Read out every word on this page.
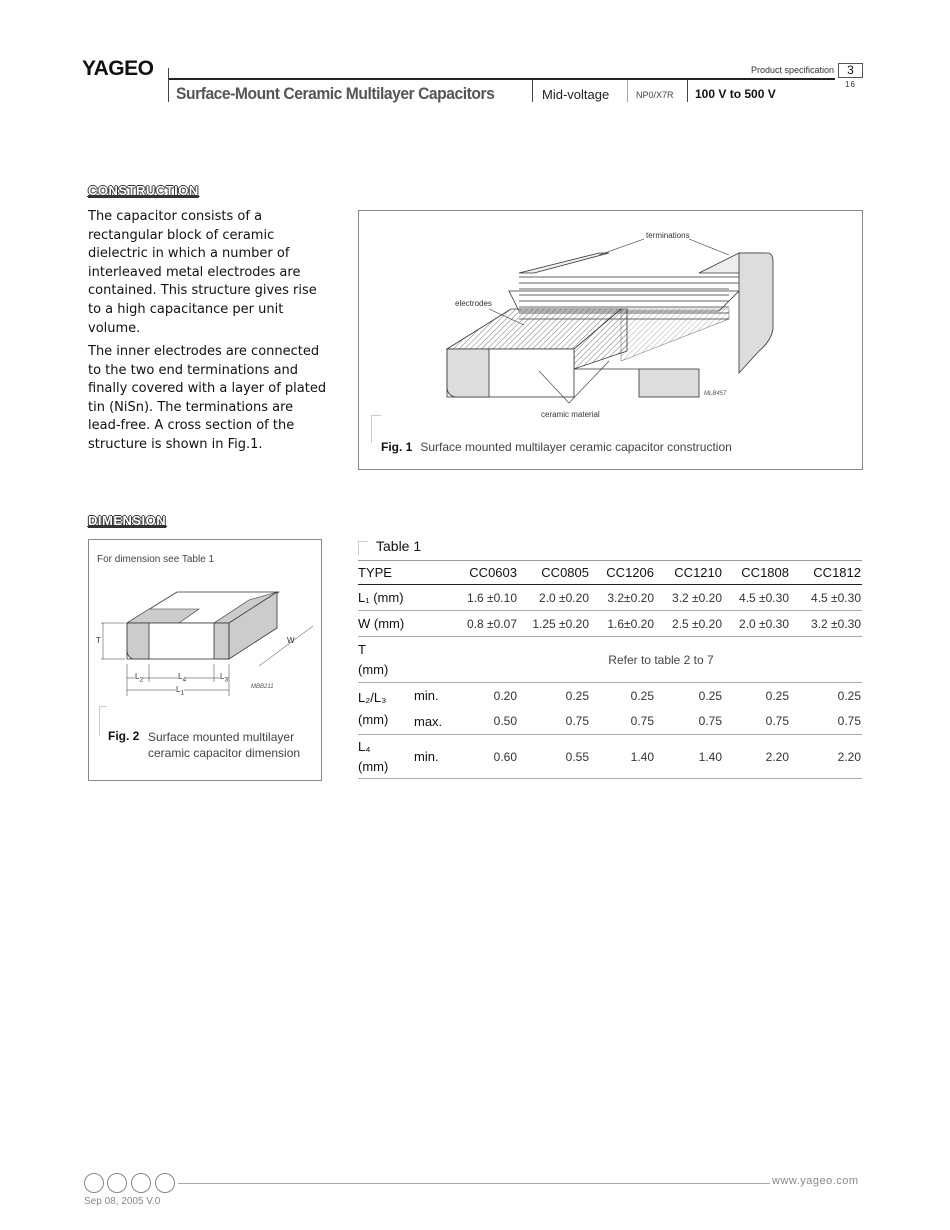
YAGEO	Product specification	3
16
Surface-Mount Ceramic Multilayer Capacitors	Mid-voltage	NP0/X7R 100 V to 500 V
CONSTRUCTION
The capacitor consists of a rectangular block of ceramic dielectric in which a number of interleaved metal electrodes are contained. This structure gives rise to a high capacitance per unit volume.
The inner electrodes are connected to the two end terminations and finally covered with a layer of plated tin (NiSn). The terminations are lead-free. A cross section of the structure is shown in Fig.1.
terminations
electrodes
ceramic material
MLB457
Fig. 1 Surface mounted multilayer ceramic capacitor construction
DIMENSION
For dimension see Table 1
T	W
$L_2$	$L_4$	$L_3$
$L_1$
MBB211
Fig. 2 Surface mounted multilayer ceramic capacitor dimension
Table 1
TYPE		CC0603	CC0805	CC1206	CC1210	CC1808	CC1812
L₁ (mm)		1.6 ±0.10	2.0 ±0.20	3.2±0.20	3.2 ±0.20	4.5 ±0.30	4.5 ±0.30
W (mm)		0.8 ±0.07	1.25 ±0.20	1.6±0.20	2.5 ±0.20	2.0 ±0.30	3.2 ±0.30

T
(mm)		Refer to table 2 to 7					

L₂/L₃
(mm)	min.	0.20	0.25	0.25	0.25	0.25	0.25
	max.	0.50	0.75	0.75	0.75	0.75	0.75

L₄
(mm)	min.	0.60	0.55	1.40	1.40	2.20	2.20
www.yageo.com
Sep 08, 2005 V.0
